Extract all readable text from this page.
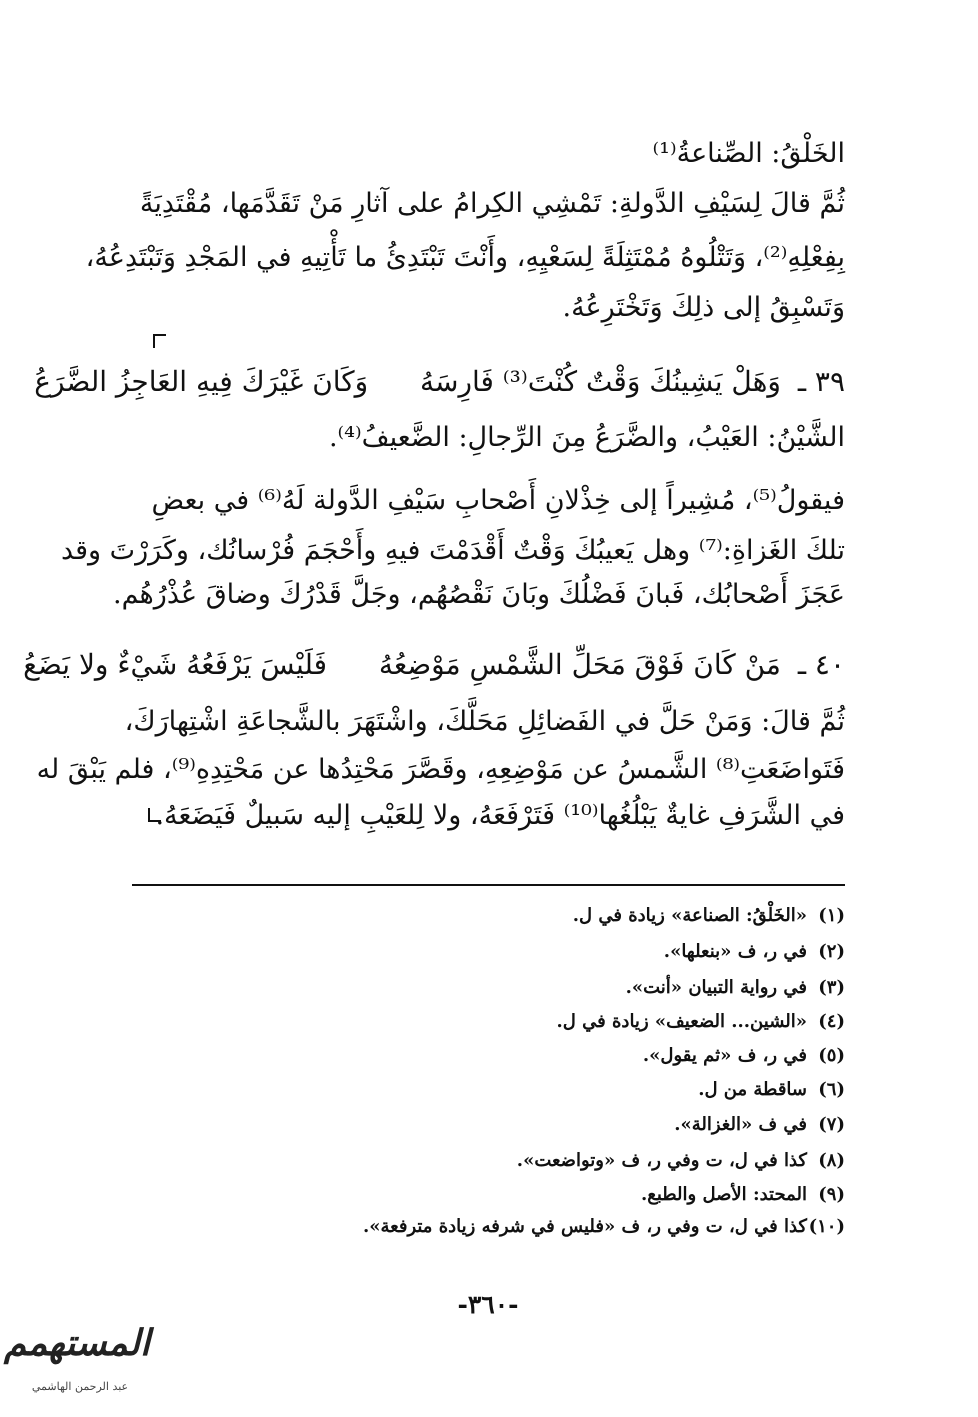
الخَلْقُ: الصِّناعةُ⁽¹⁾
ثُمَّ قالَ لِسَيْفِ الدَّولةِ: تَمْشِي الكِرامُ على آثارِ مَنْ تَقَدَّمَها، مُقْتَدِيَةً
بِفِعْلِهِ⁽²⁾، وَتَتْلُوهُ مُمْتَثِلَةً لِسَعْيِهِ، وأَنْتَ تَبْتَدِئُ ما تَأْتِيهِ في المَجْدِ وَتَبْتَدِعُهُ،
وَتَسْبِقُ إلى ذلِكَ وَتَخْتَرِعُهُ.
٣٩ ـ وَهَلْ يَشِينُكَ وَقْتٌ كُنْتَ⁽³⁾ فَارِسَهُ  وَكَانَ غَيْرَكَ فِيهِ العَاجِزُ الضَّرَعُ
الشَّيْنُ: العَيْبُ، والضَّرَعُ مِنَ الرِّجالِ: الضَّعيفُ⁽⁴⁾.
فيقولُ⁽⁵⁾، مُشِيراً إلى خِذْلانِ أَصْحابِ سَيْفِ الدَّولة لَهُ⁽⁶⁾ في بعضِ
تلكَ الغَزاةِ:⁽⁷⁾ وهل يَعيبُكَ وَقْتٌ أَقْدَمْتَ فيهِ وأَحْجَمَ فُرْسانُك، وكَرَرْتَ وقد
عَجَزَ أَصْحابُك، فَبانَ فَضْلُكَ وبَانَ نَقْصُهُم، وجَلَّ قَدْرُكَ وضاقَ عُذْرُهُم.
٤٠ ـ مَنْ كَانَ فَوْقَ مَحَلِّ الشَّمْسِ مَوْضِعُهُ  فَلَيْسَ يَرْفَعُهُ شَيْءٌ ولا يَضَعُ
ثُمَّ قالَ: وَمَنْ حَلَّ في الفَضائِلِ مَحَلَّكَ، واشْتَهَرَ بالشَّجاعَةِ اشْتِهارَكَ،
فَتَواضَعَتِ⁽⁸⁾ الشَّمسُ عن مَوْضِعِهِ، وقَصَّرَ مَحْتِدُها عن مَحْتِدِهِ⁽⁹⁾، فلم يَبْقَ له
في الشَّرَفِ غايةٌ يَبْلُغُها⁽¹⁰⁾ فَتَرْفَعَهُ، ولا لِلعَيْبِ إليه سَبيلٌ فَيَضَعَهُ.
(١)«الخَلْقُ: الصناعة» زيادة في ل.
(٢)في ر، ف «بنعلها».
(٣)في رواية التبيان «أنت».
(٤)«الشين... الضعيف» زيادة في ل.
(٥)في ر، ف «ثم يقول».
(٦)ساقطة من ل.
(٧)في ف «الغزالة».
(٨)كذا في ل، ت وفي ر، ف «وتواضعت».
(٩)المحتد: الأصل والطبع.
(١٠)كذا في ل، ت وفي ر، ف «فليس في شرفه زيادة مترفعة».
-٣٦٠-
المستهمم
عبد الرحمن الهاشمي
